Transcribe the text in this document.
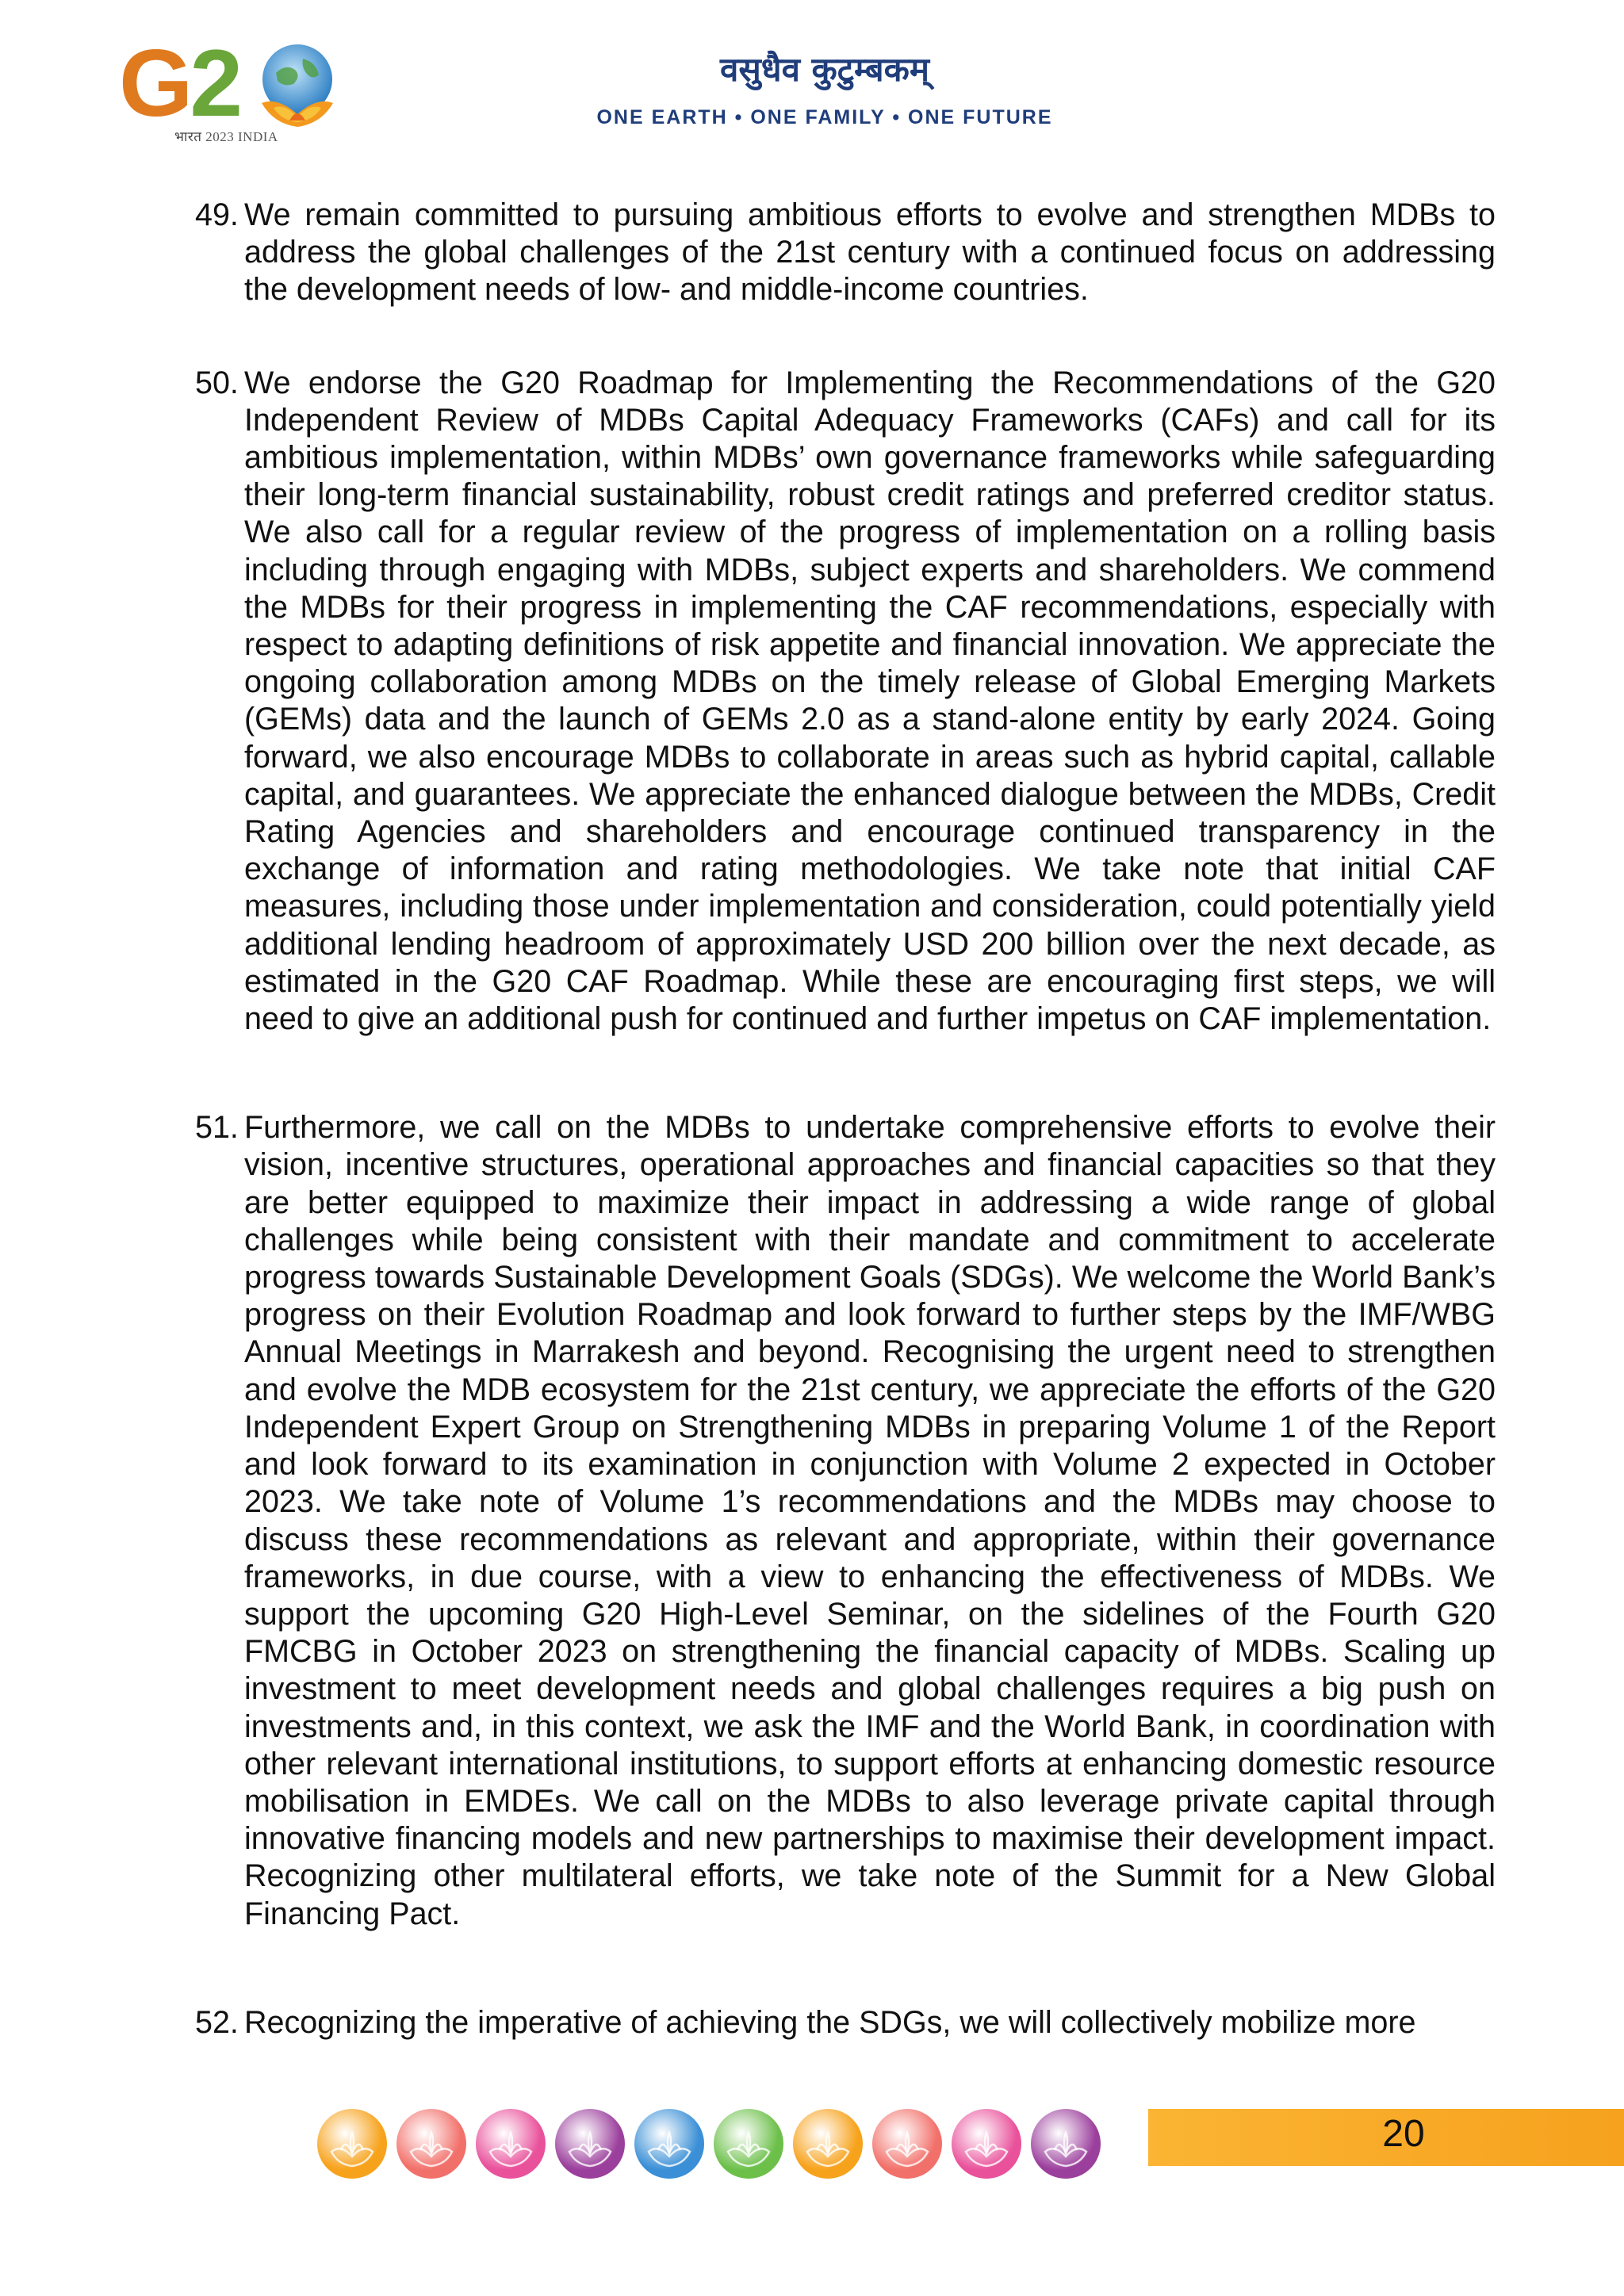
G2
भारत 2023 INDIA
वसुधैव कुटुम्बकम्
ONE EARTH • ONE FAMILY • ONE FUTURE

49. We remain committed to pursuing ambitious efforts to evolve and strengthen MDBs to address the global challenges of the 21st century with a continued focus on addressing the development needs of low- and middle-income countries.

50. We endorse the G20 Roadmap for Implementing the Recommendations of the G20 Independent Review of MDBs Capital Adequacy Frameworks (CAFs) and call for its ambitious implementation, within MDBs’ own governance frameworks while safeguarding their long-term financial sustainability, robust credit ratings and preferred creditor status. We also call for a regular review of the progress of implementation on a rolling basis including through engaging with MDBs, subject experts and shareholders. We commend the MDBs for their progress in implementing the CAF recommendations, especially with respect to adapting definitions of risk appetite and financial innovation. We appreciate the ongoing collaboration among MDBs on the timely release of Global Emerging Markets (GEMs) data and the launch of GEMs 2.0 as a stand-alone entity by early 2024. Going forward, we also encourage MDBs to collaborate in areas such as hybrid capital, callable capital, and guarantees. We appreciate the enhanced dialogue between the MDBs, Credit Rating Agencies and shareholders and encourage continued transparency in the exchange of information and rating methodologies. We take note that initial CAF measures, including those under implementation and consideration, could potentially yield additional lending headroom of approximately USD 200 billion over the next decade, as estimated in the G20 CAF Roadmap. While these are encouraging first steps, we will need to give an additional push for continued and further impetus on CAF implementation.

51. Furthermore, we call on the MDBs to undertake comprehensive efforts to evolve their vision, incentive structures, operational approaches and financial capacities so that they are better equipped to maximize their impact in addressing a wide range of global challenges while being consistent with their mandate and commitment to accelerate progress towards Sustainable Development Goals (SDGs). We welcome the World Bank’s progress on their Evolution Roadmap and look forward to further steps by the IMF/WBG Annual Meetings in Marrakesh and beyond. Recognising the urgent need to strengthen and evolve the MDB ecosystem for the 21st century, we appreciate the efforts of the G20 Independent Expert Group on Strengthening MDBs in preparing Volume 1 of the Report and look forward to its examination in conjunction with Volume 2 expected in October 2023. We take note of Volume 1’s recommendations and the MDBs may choose to discuss these recommendations as relevant and appropriate, within their governance frameworks, in due course, with a view to enhancing the effectiveness of MDBs. We support the upcoming G20 High-Level Seminar, on the sidelines of the Fourth G20 FMCBG in October 2023 on strengthening the financial capacity of MDBs. Scaling up investment to meet development needs and global challenges requires a big push on investments and, in this context, we ask the IMF and the World Bank, in coordination with other relevant international institutions, to support efforts at enhancing domestic resource mobilisation in EMDEs. We call on the MDBs to also leverage private capital through innovative financing models and new partnerships to maximise their development impact. Recognizing other multilateral efforts, we take note of the Summit for a New Global Financing Pact.

52. Recognizing the imperative of achieving the SDGs, we will collectively mobilize more

20
